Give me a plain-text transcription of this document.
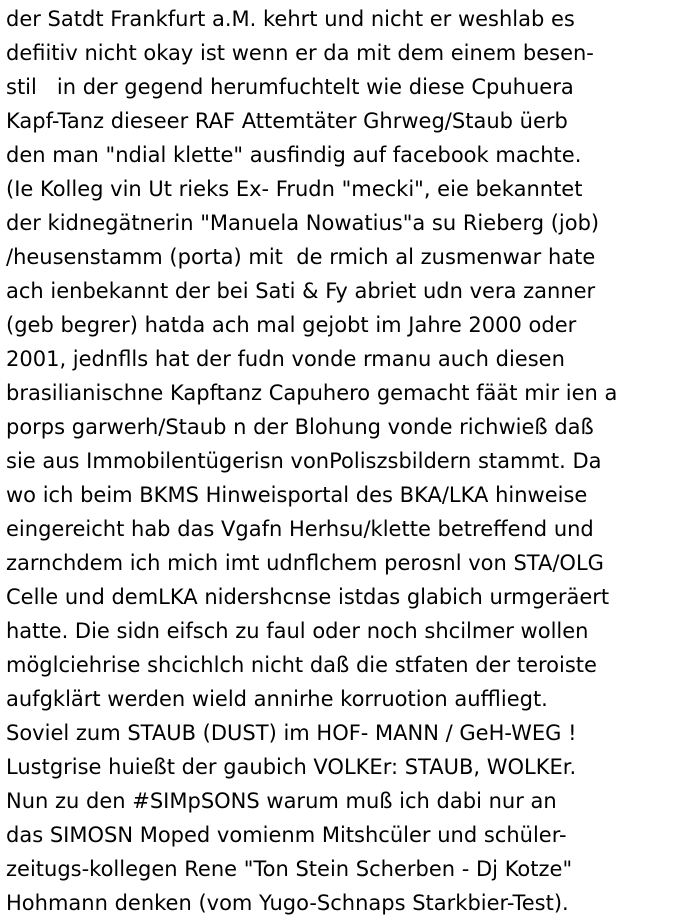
der Satdt Frankfurt a.M. kehrt und nicht er weshlab es
defiitiv nicht okay ist wenn er da mit dem einem besen-
stil   in der gegend herumfuchtelt wie diese Cpuhuera
Kapf-Tanz dieseer RAF Attemtäter Ghrweg/Staub üerb
den man "ndial klette" ausfindig auf facebook machte.
(Ie Kolleg vin Ut rieks Ex- Frudn "mecki", eie bekanntet
der kidnegätnerin "Manuela Nowatius"a su Rieberg (job)
/heusenstamm (porta) mit  de rmich al zusmenwar hate
ach ienbekannt der bei Sati & Fy abriet udn vera zanner
(geb begrer) hatda ach mal gejobt im Jahre 2000 oder
2001, jednflls hat der fudn vonde rmanu auch diesen
brasilianischne Kapftanz Capuhero gemacht fäät mir ien a
porps garwerh/Staub n der Blohung vonde richwieß daß
sie aus Immobilentügerisn vonPoliszsbildern stammt. Da
wo ich beim BKMS Hinweisportal des BKA/LKA hinweise
eingereicht hab das Vgafn Herhsu/klette betreffend und
zarnchdem ich mich imt udnflchem perosnl von STA/OLG
Celle und demLKA nidershcnse istdas glabich urmgeräert
hatte. Die sidn eifsch zu faul oder noch shcilmer wollen
möglciehrise shcichlch nicht daß die stfaten der teroiste
aufgklärt werden wield annirhe korruotion auffliegt.
Soviel zum STAUB (DUST) im HOF- MANN / GeH-WEG !
Lustgrise huießt der gaubich VOLKEr: STAUB, WOLKEr.
Nun zu den #SIMpSONS warum muß ich dabi nur an
das SIMOSN Moped vomienm Mitshcüler und schüler-
zeitugs-kollegen Rene "Ton Stein Scherben - Dj Kotze"
Hohmann denken (vom Yugo-Schnaps Starkbier-Test).
